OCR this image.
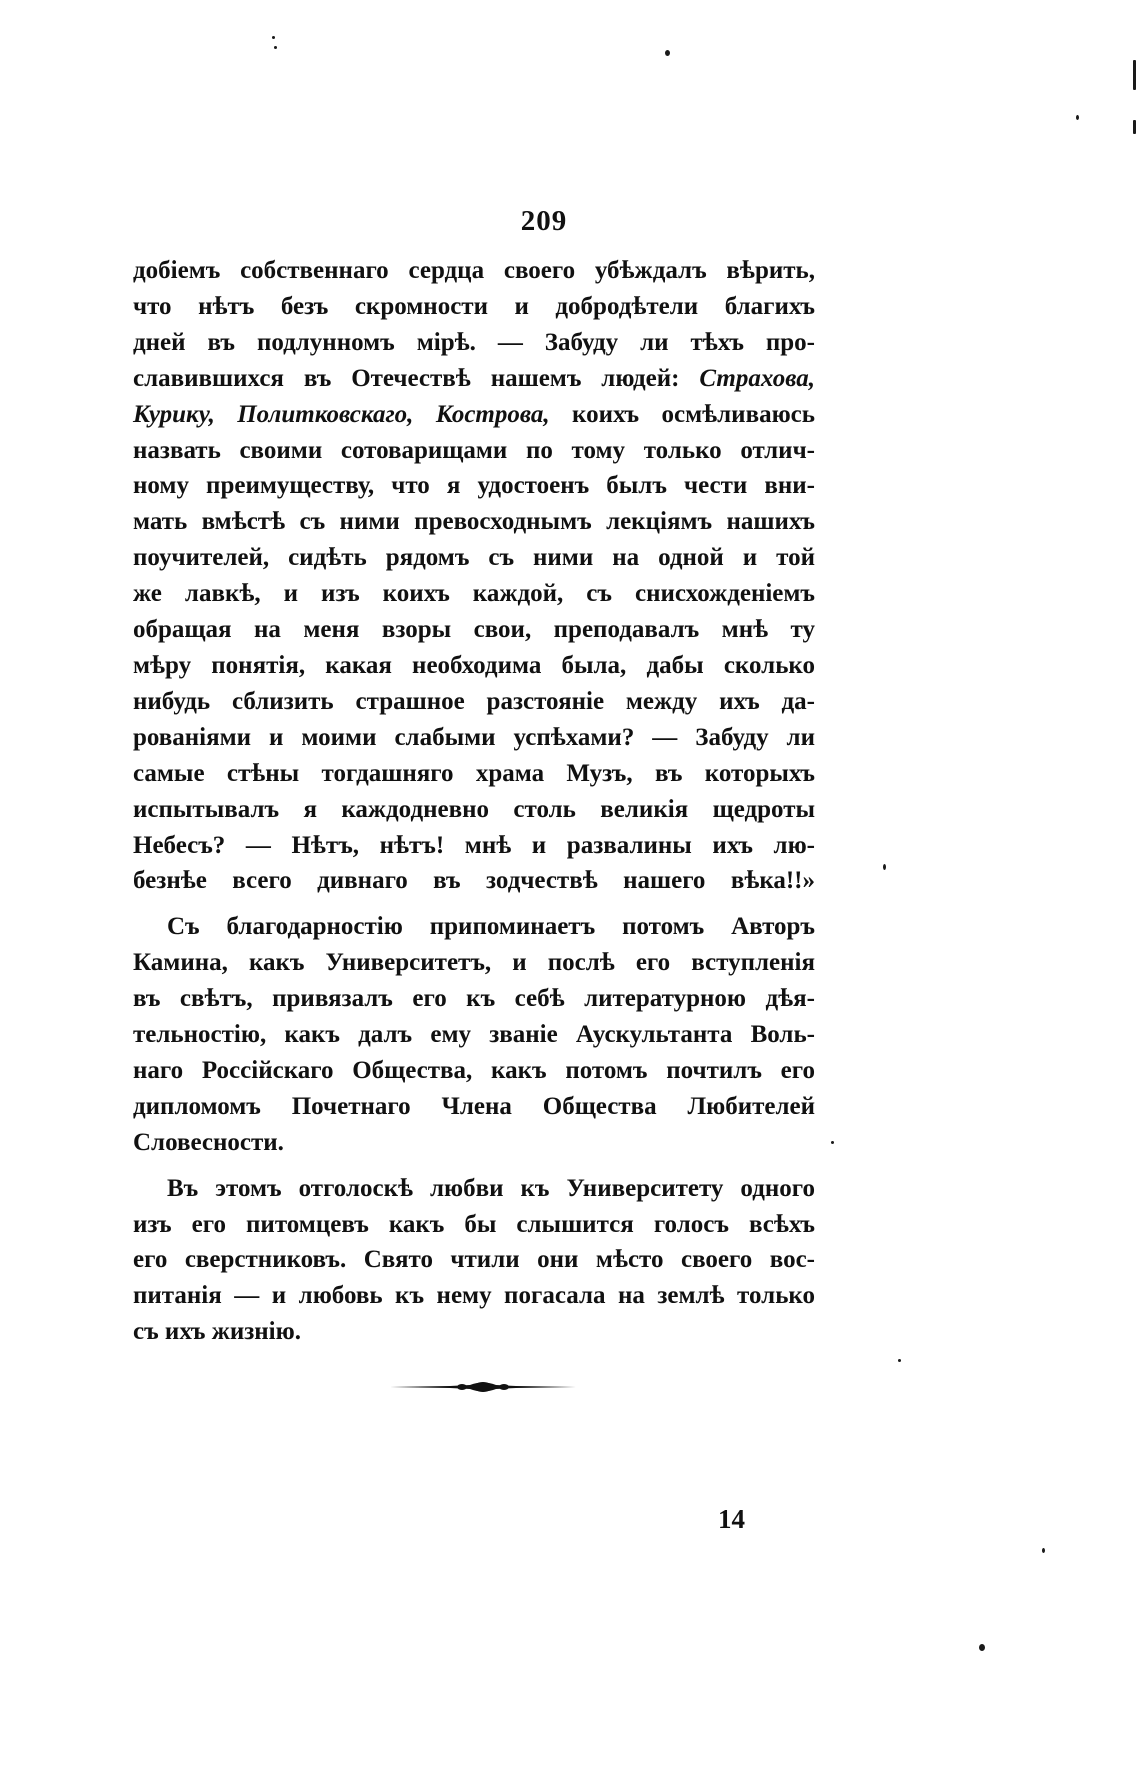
209
добіемъ собственнаго сердца своего убѣждалъ вѣрить,
что нѣтъ безъ скромности и добродѣтели благихъ
дней въ подлунномъ мірѣ. — Забуду ли тѣхъ про-
славившихся въ Отечествѣ нашемъ людей: Страхова,
Курику, Политковскаго, Кострова, коихъ осмѣливаюсь
назвать своими сотоварищами по тому только отлич-
ному преимуществу, что я удостоенъ былъ чести вни-
мать вмѣстѣ съ ними превосходнымъ лекціямъ нашихъ
поучителей, сидѣть рядомъ съ ними на одной и той
же лавкѣ, и изъ коихъ каждой, съ снисхожденіемъ
обращая на меня взоры свои, преподавалъ мнѣ ту
мѣру понятія, какая необходима была, дабы сколько
нибудь сблизить страшное разстояніе между ихъ да-
рованіями и моими слабыми успѣхами? — Забуду ли
самые стѣны тогдашняго храма Музъ, въ которыхъ
испытывалъ я каждодневно столь великія щедроты
Небесъ? — Нѣтъ, нѣтъ! мнѣ и развалины ихъ лю-
безнѣе всего дивнаго въ зодчествѣ нашего вѣка!!»
Съ благодарностію припоминаетъ потомъ Авторъ
Камина, какъ Университетъ, и послѣ его вступленія
въ свѣтъ, привязалъ его къ себѣ литературною дѣя-
тельностію, какъ далъ ему званіе Аускультанта Воль-
наго Россійскаго Общества, какъ потомъ почтилъ его
дипломомъ Почетнаго Члена Общества Любителей
Словесности.
Въ этомъ отголоскѣ любви къ Университету одного
изъ его питомцевъ какъ бы слышится голосъ всѣхъ
его сверстниковъ. Свято чтили они мѣсто своего вос-
питанія — и любовь къ нему погасала на землѣ только
съ ихъ жизнію.
14
